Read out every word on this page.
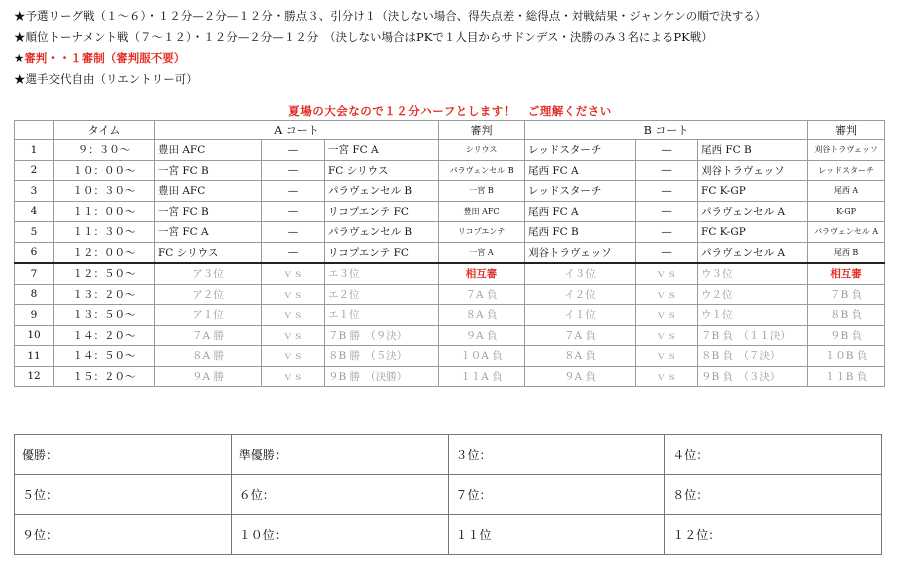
★予選リーグ戦（１〜６）・１２分—２分—１２分・勝点３、引分け１（決しない場合、得失点差・総得点・対戦結果・ジャンケンの順で決する）
★順位トーナメント戦（７〜１２）・１２分—２分—１２分　（決しない場合はPKで１人目からサドンデス・決勝のみ３名によるPK戦）
★審判・・１審制（審判服不要）
★選手交代自由（リエントリー可）
夏場の大会なので１２分ハーフとします！　ご理解ください
	タイム	A コート			審判	B コート			審判
1	９：３０〜	豊田 AFC	—	一宮 FC A	シリウス	レッドスターチ	—	尾西 FC B	刈谷トラヴェッソ
2	１０：００〜	一宮 FC B	—	FC シリウス	パラヴェンセル B	尾西 FC A	—	刈谷トラヴェッソ	レッドスターチ
3	１０：３０〜	豊田 AFC	—	パラヴェンセル B	一宮 B	レッドスターチ	—	FC K-GP	尾西 A
4	１１：００〜	一宮 FC B	—	リコプエンテ FC	豊田 AFC	尾西 FC A	—	パラヴェンセル A	K-GP
5	１１：３０〜	一宮 FC A	—	パラヴェンセル B	リコプエンテ	尾西 FC B	—	FC K-GP	パラヴェンセル A
6	１２：００〜	FC シリウス	—	リコプエンテ FC	一宮 A	刈谷トラヴェッソ	—	パラヴェンセル A	尾西 B
7	１２：５０〜	ア３位	ｖｓ	エ３位	相互審	イ３位	ｖｓ	ウ３位	相互審
8	１３：２０〜	ア２位	ｖｓ	エ２位	７A 負	イ２位	ｖｓ	ウ２位	７B 負
9	１３：５０〜	ア１位	ｖｓ	エ１位	８A 負	イ１位	ｖｓ	ウ１位	８B 負
10	１４：２０〜	７A 勝	ｖｓ	７B 勝　（９決）	９A 負	７A 負	ｖｓ	７B 負　（１１決）	９B 負
11	１４：５０〜	８A 勝	ｖｓ	８B 勝　（５決）	１０A 負	８A 負	ｖｓ	８B 負　（７決）	１０B 負
12	１５：２０〜	９A 勝	ｖｓ	９B 勝　（決勝）	１１A 負	９A 負	ｖｓ	９B 負　（３決）	１１B 負
優勝：	準優勝：	３位：	４位：
５位：	６位：	７位：	８位：
９位：	１０位：	１１位	１２位：
